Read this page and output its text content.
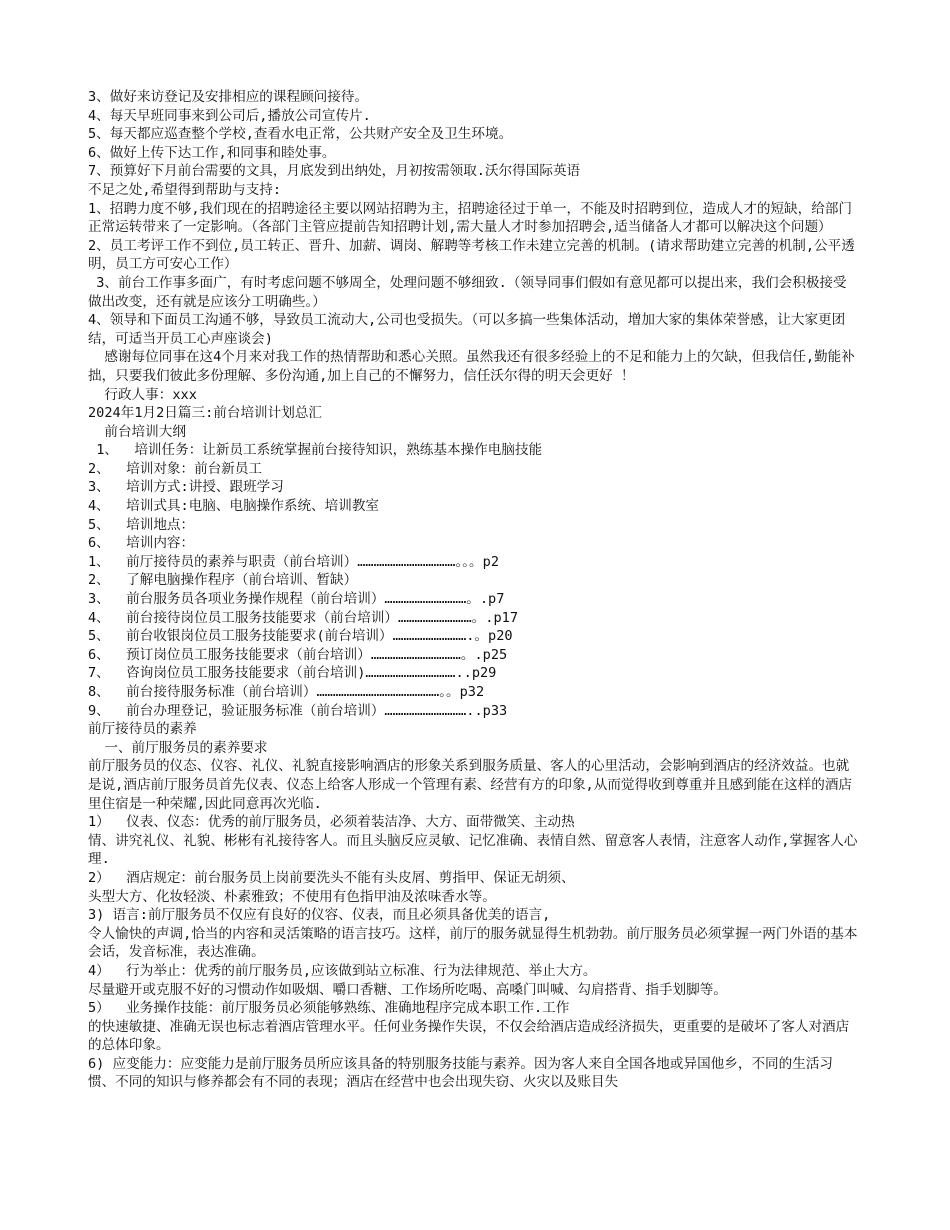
3、做好来访登记及安排相应的课程顾问接待。

4、每天早班同事来到公司后,播放公司宣传片.

5、每天都应巡查整个学校,查看水电正常，公共财产安全及卫生环境。

6、做好上传下达工作,和同事和睦处事。

7、预算好下月前台需要的文具，月底发到出纳处，月初按需领取.沃尔得国际英语

不足之处,希望得到帮助与支持:

1、招聘力度不够,我们现在的招聘途径主要以网站招聘为主，招聘途径过于单一，不能及时招聘到位，造成人才的短缺，给部门正常运转带来了一定影响。（各部门主管应提前告知招聘计划,需大量人才时参加招聘会,适当储备人才都可以解决这个问题）

2、员工考评工作不到位,员工转正、晋升、加薪、调岗、解聘等考核工作未建立完善的机制。(请求帮助建立完善的机制,公平透明，员工方可安心工作）

3、前台工作事多面广，有时考虑问题不够周全，处理问题不够细致.（领导同事们假如有意见都可以提出来，我们会积极接受做出改变，还有就是应该分工明确些。）

4、领导和下面员工沟通不够，导致员工流动大,公司也受损失。（可以多搞一些集体活动，增加大家的集体荣誉感，让大家更团结，可适当开员工心声座谈会)

感谢每位同事在这4个月来对我工作的热情帮助和悉心关照。虽然我还有很多经验上的不足和能力上的欠缺，但我信任,勤能补拙，只要我们彼此多份理解、多份沟通,加上自己的不懈努力，信任沃尔得的明天会更好 ！

行政人事：xxx

2024年1月2日篇三:前台培训计划总汇

前台培训大纲

1、  培训任务：让新员工系统掌握前台接待知识，熟练基本操作电脑技能

2、  培训对象：前台新员工

3、  培训方式:讲授、跟班学习

4、  培训式具:电脑、电脑操作系统、培训教室

5、  培训地点：

6、  培训内容：

1、  前厅接待员的素养与职责（前台培训）………………………………。。。p2

2、  了解电脑操作程序（前台培训、暂缺）

3、  前台服务员各项业务操作规程（前台培训）…………………………。.p7

4、  前台接待岗位员工服务技能要求（前台培训）………………………。.p17

5、  前台收银岗位员工服务技能要求(前台培训）……………………….。p20

6、  预订岗位员工服务技能要求（前台培训）……………………………。.p25

7、  咨询岗位员工服务技能要求（前台培训)……………………………..p29

8、  前台接待服务标准（前台培训）………………………………………。。p32

9、  前台办理登记，验证服务标准（前台培训）…………………………..p33

前厅接待员的素养

一、前厅服务员的素养要求

前厅服务员的仪态、仪容、礼仪、礼貌直接影响酒店的形象关系到服务质量、客人的心里活动，会影响到酒店的经济效益。也就是说,酒店前厅服务员首先仪表、仪态上给客人形成一个管理有素、经营有方的印象,从而觉得收到尊重并且感到能在这样的酒店里住宿是一种荣耀,因此同意再次光临.

1）  仪表、仪态：优秀的前厅服务员，必须着装洁净、大方、面带微笑、主动热

情、讲究礼仪、礼貌、彬彬有礼接待客人。而且头脑反应灵敏、记忆准确、表情自然、留意客人表情，注意客人动作,掌握客人心理.

2）  酒店规定：前台服务员上岗前要洗头不能有头皮屑、剪指甲、保证无胡须、

头型大方、化妆轻淡、朴素雅致；不使用有色指甲油及浓味香水等。

3) 语言:前厅服务员不仅应有良好的仪容、仪表，而且必须具备优美的语言,

令人愉快的声调,恰当的内容和灵活策略的语言技巧。这样，前厅的服务就显得生机勃勃。前厅服务员必须掌握一两门外语的基本会话，发音标准，表达准确。

4）  行为举止：优秀的前厅服务员,应该做到站立标准、行为法律规范、举止大方。

尽量避开或克服不好的习惯动作如吸烟、嚼口香糖、工作场所吃喝、高嗓门叫喊、勾肩搭背、指手划脚等。

5）  业务操作技能：前厅服务员必须能够熟练、准确地程序完成本职工作.工作

的快速敏捷、准确无误也标志着酒店管理水平。任何业务操作失误，不仅会给酒店造成经济损失，更重要的是破坏了客人对酒店的总体印象。

6) 应变能力：应变能力是前厅服务员所应该具备的特别服务技能与素养。因为客人来自全国各地或异国他乡，不同的生活习惯、不同的知识与修养都会有不同的表现；酒店在经营中也会出现失窃、火灾以及账目失
